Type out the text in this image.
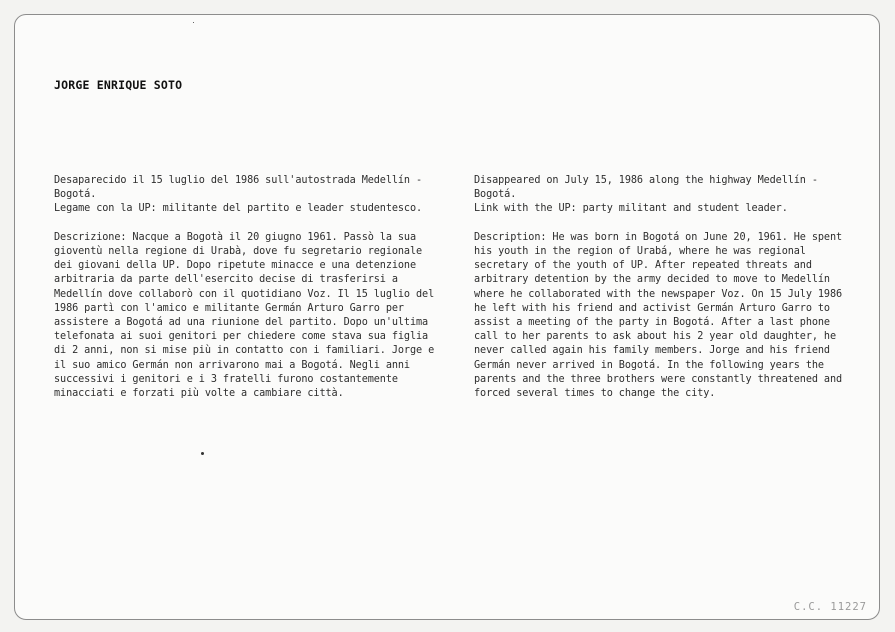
JORGE ENRIQUE SOTO

Desaparecido il 15 luglio del 1986 sull'autostrada Medellín - Bogotá.
Legame con la UP: militante del partito e leader studentesco.

Descrizione: Nacque a Bogotà il 20 giugno 1961. Passò la sua gioventù nella regione di Urabà, dove fu segretario regionale dei giovani della UP. Dopo ripetute minacce e una detenzione arbitraria da parte dell'esercito decise di trasferirsi a Medellín dove collaborò con il quotidiano Voz. Il 15 luglio del 1986 partì con l'amico e militante Germán Arturo Garro per assistere a Bogotá ad una riunione del partito. Dopo un'ultima telefonata ai suoi genitori per chiedere come stava sua figlia di 2 anni, non si mise più in contatto con i familiari. Jorge e il suo amico Germán non arrivarono mai a Bogotá. Negli anni successivi i genitori e i 3 fratelli furono costantemente minacciati e forzati più volte a cambiare città.

Disappeared on July 15, 1986 along the highway Medellín - Bogotá.
Link with the UP: party militant and student leader.

Description: He was born in Bogotá on June 20, 1961. He spent his youth in the region of Urabá, where he was regional secretary of the youth of UP. After repeated threats and arbitrary detention by the army decided to move to Medellín where he collaborated with the newspaper Voz. On 15 July 1986 he left with his friend and activist Germán Arturo Garro to assist a meeting of the party in Bogotá. After a last phone call to her parents to ask about his 2 year old daughter, he never called again his family members. Jorge and his friend Germán never arrived in Bogotá. In the following years the parents and the three brothers were constantly threatened and forced several times to change the city.

C.C. 11227
